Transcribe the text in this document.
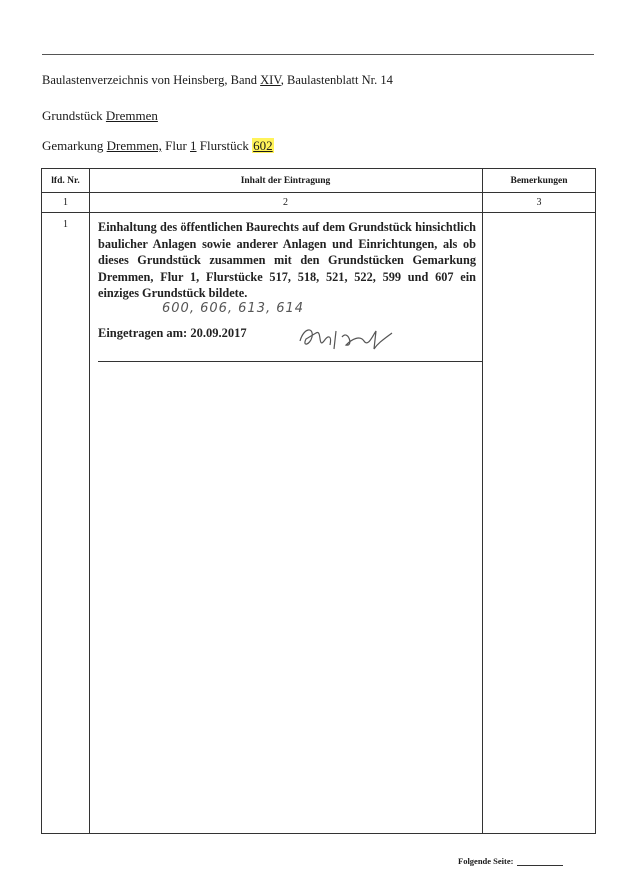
Baulastenverzeichnis von Heinsberg, Band XIV, Baulastenblatt Nr. 14
Grundstück Dremmen
Gemarkung Dremmen, Flur 1 Flurstück 602
lfd. Nr.	Inhalt der Eintragung	Bemerkungen
1	2	3
1	Einhaltung des öffentlichen Baurechts auf dem Grundstück hinsichtlich baulicher Anlagen sowie anderer Anlagen und Einrichtungen, als ob dieses Grundstück zusammen mit den Grundstücken Gemarkung Dremmen, Flur 1, Flurstücke 517, 518, 521, 522, 599 und 607 ein einziges Grundstück bildete.
600, 606, 613, 614
Eingetragen am: 20.09.2017
Folgende Seite:
